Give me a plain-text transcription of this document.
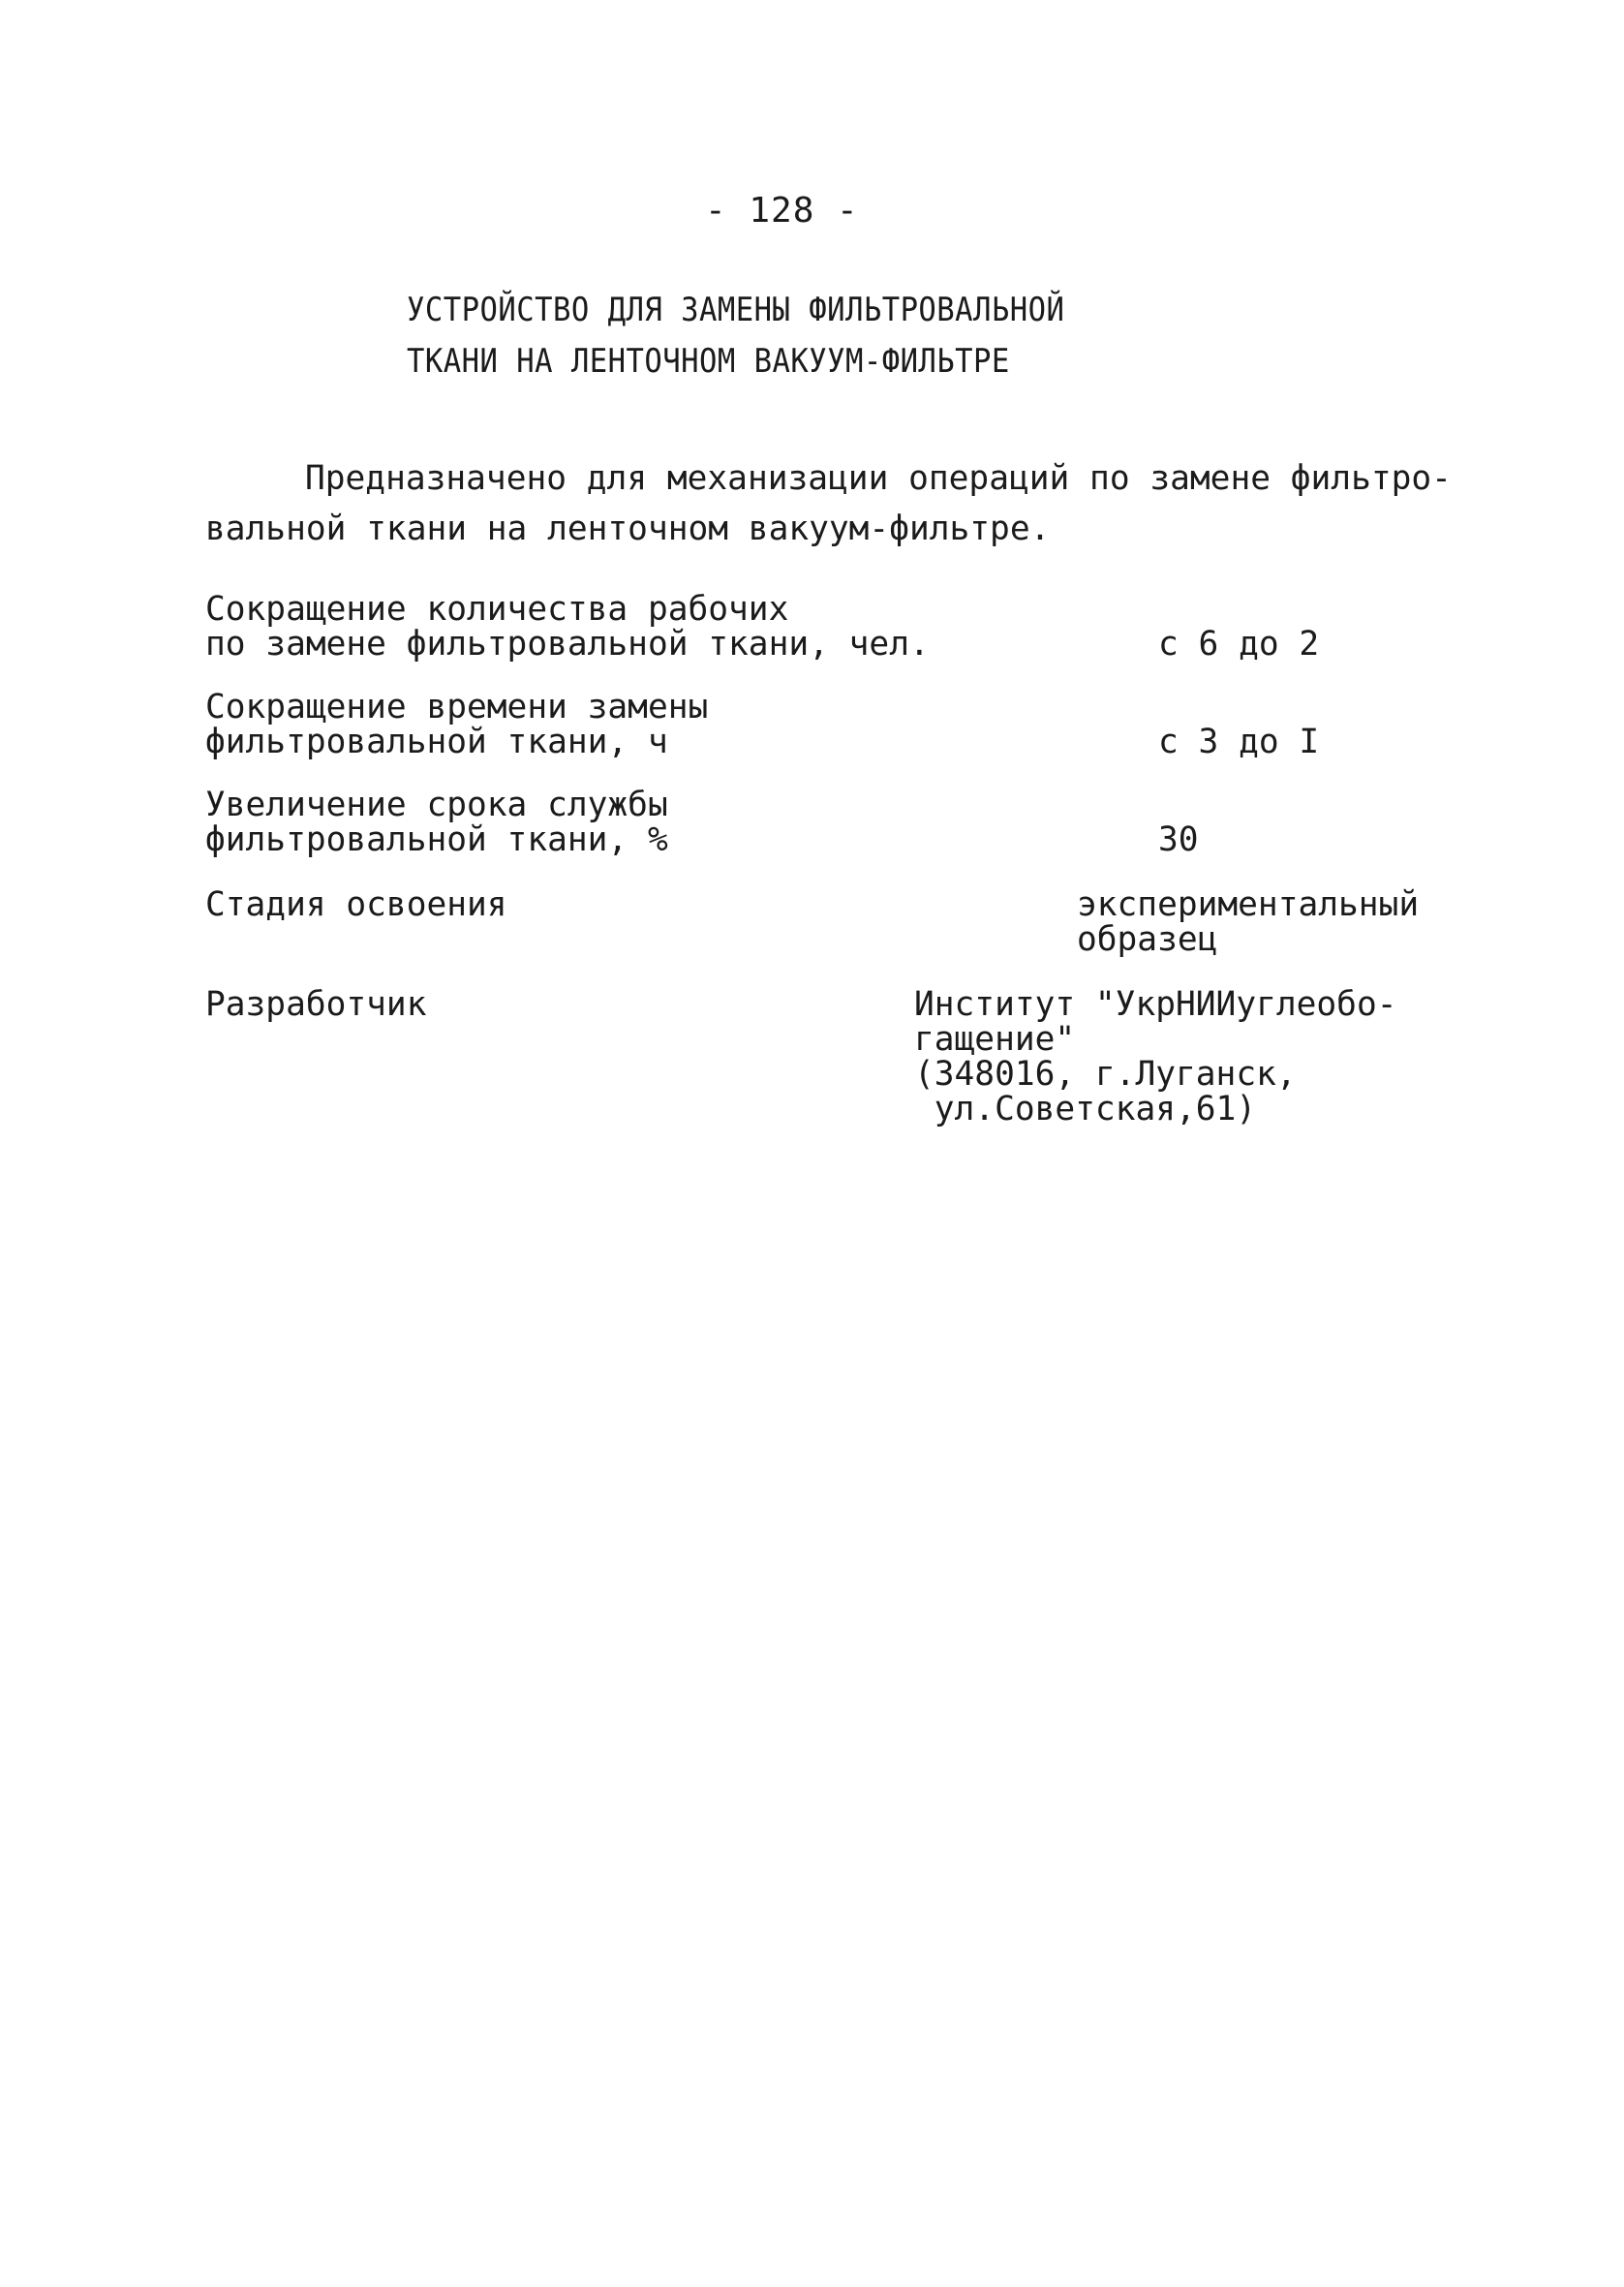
- 128 -
УСТРОЙСТВО ДЛЯ ЗАМЕНЫ ФИЛЬТРОВАЛЬНОЙ
ТКАНИ НА ЛЕНТОЧНОМ ВАКУУМ-ФИЛЬТРЕ
Предназначено для механизации операций по замене фильтро-
вальной ткани на ленточном вакуум-фильтре.
Сокращение количества рабочих
по замене фильтровальной ткани, чел.	с 6 до 2
Сокращение времени замены
фильтровальной ткани, ч	с 3 до I
Увеличение срока службы
фильтровальной ткани, %	30
Стадия освоения	экспериментальный
образец
Разработчик	Институт "УкрНИИуглеобо-
гащение"
(348016, г.Луганск,
ул.Советская,61)
